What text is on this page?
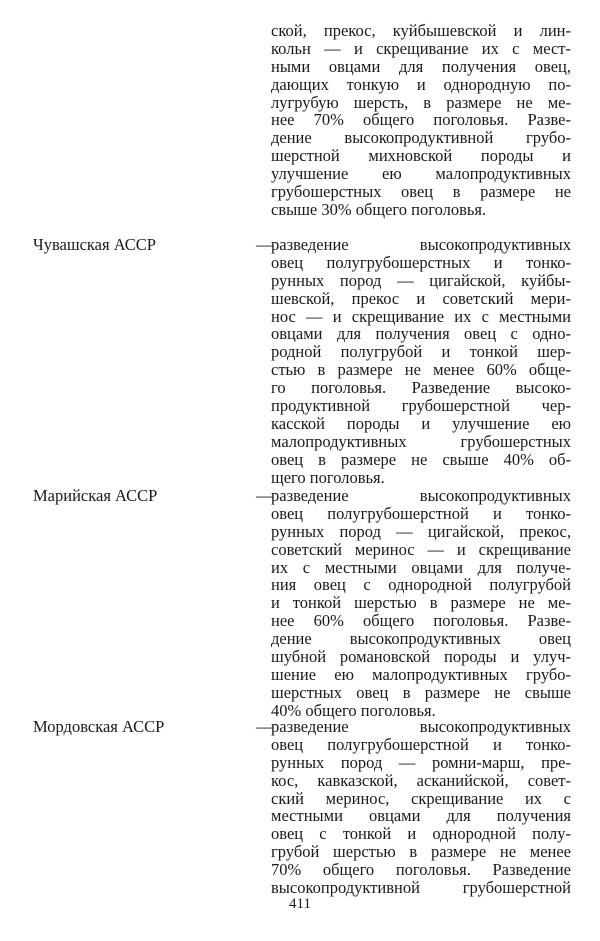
ской, прекос, куйбышевской и лин-
кольн — и скрещивание их с мест-
ными овцами для получения овец,
дающих тонкую и однородную по-
лугрубую шерсть, в размере не ме-
нее 70% общего поголовья. Разве-
дение высокопродуктивной грубо-
шерстной михновской породы и
улучшение ею малопродуктивных
грубошерстных овец в размере не
свыше 30% общего поголовья.
Чувашская АССР	—
разведение высокопродуктивных
овец полугрубошерстных и тонко-
рунных пород — цигайской, куйбы-
шевской, прекос и советский мери-
нос — и скрещивание их с местными
овцами для получения овец с одно-
родной полугрубой и тонкой шер-
стью в размере не менее 60% обще-
го поголовья. Разведение высоко-
продуктивной грубошерстной чер-
касской породы и улучшение ею
малопродуктивных грубошерстных
овец в размере не свыше 40% об-
щего поголовья.
Марийская АССР	—
разведение высокопродуктивных
овец полугрубошерстной и тонко-
рунных пород — цигайской, прекос,
советский меринос — и скрещивание
их с местными овцами для получе-
ния овец с однородной полугрубой
и тонкой шерстью в размере не ме-
нее 60% общего поголовья. Разве-
дение высокопродуктивных овец
шубной романовской породы и улуч-
шение ею малопродуктивных грубо-
шерстных овец в размере не свыше
40% общего поголовья.
Мордовская АССР	—
разведение высокопродуктивных
овец полугрубошерстной и тонко-
рунных пород — ромни-марш, пре-
кос, кавказской, асканийской, совет-
ский меринос, скрещивание их с
местными овцами для получения
овец с тонкой и однородной полу-
грубой шерстью в размере не менее
70% общего поголовья. Разведение
высокопродуктивной грубошерстной
411
